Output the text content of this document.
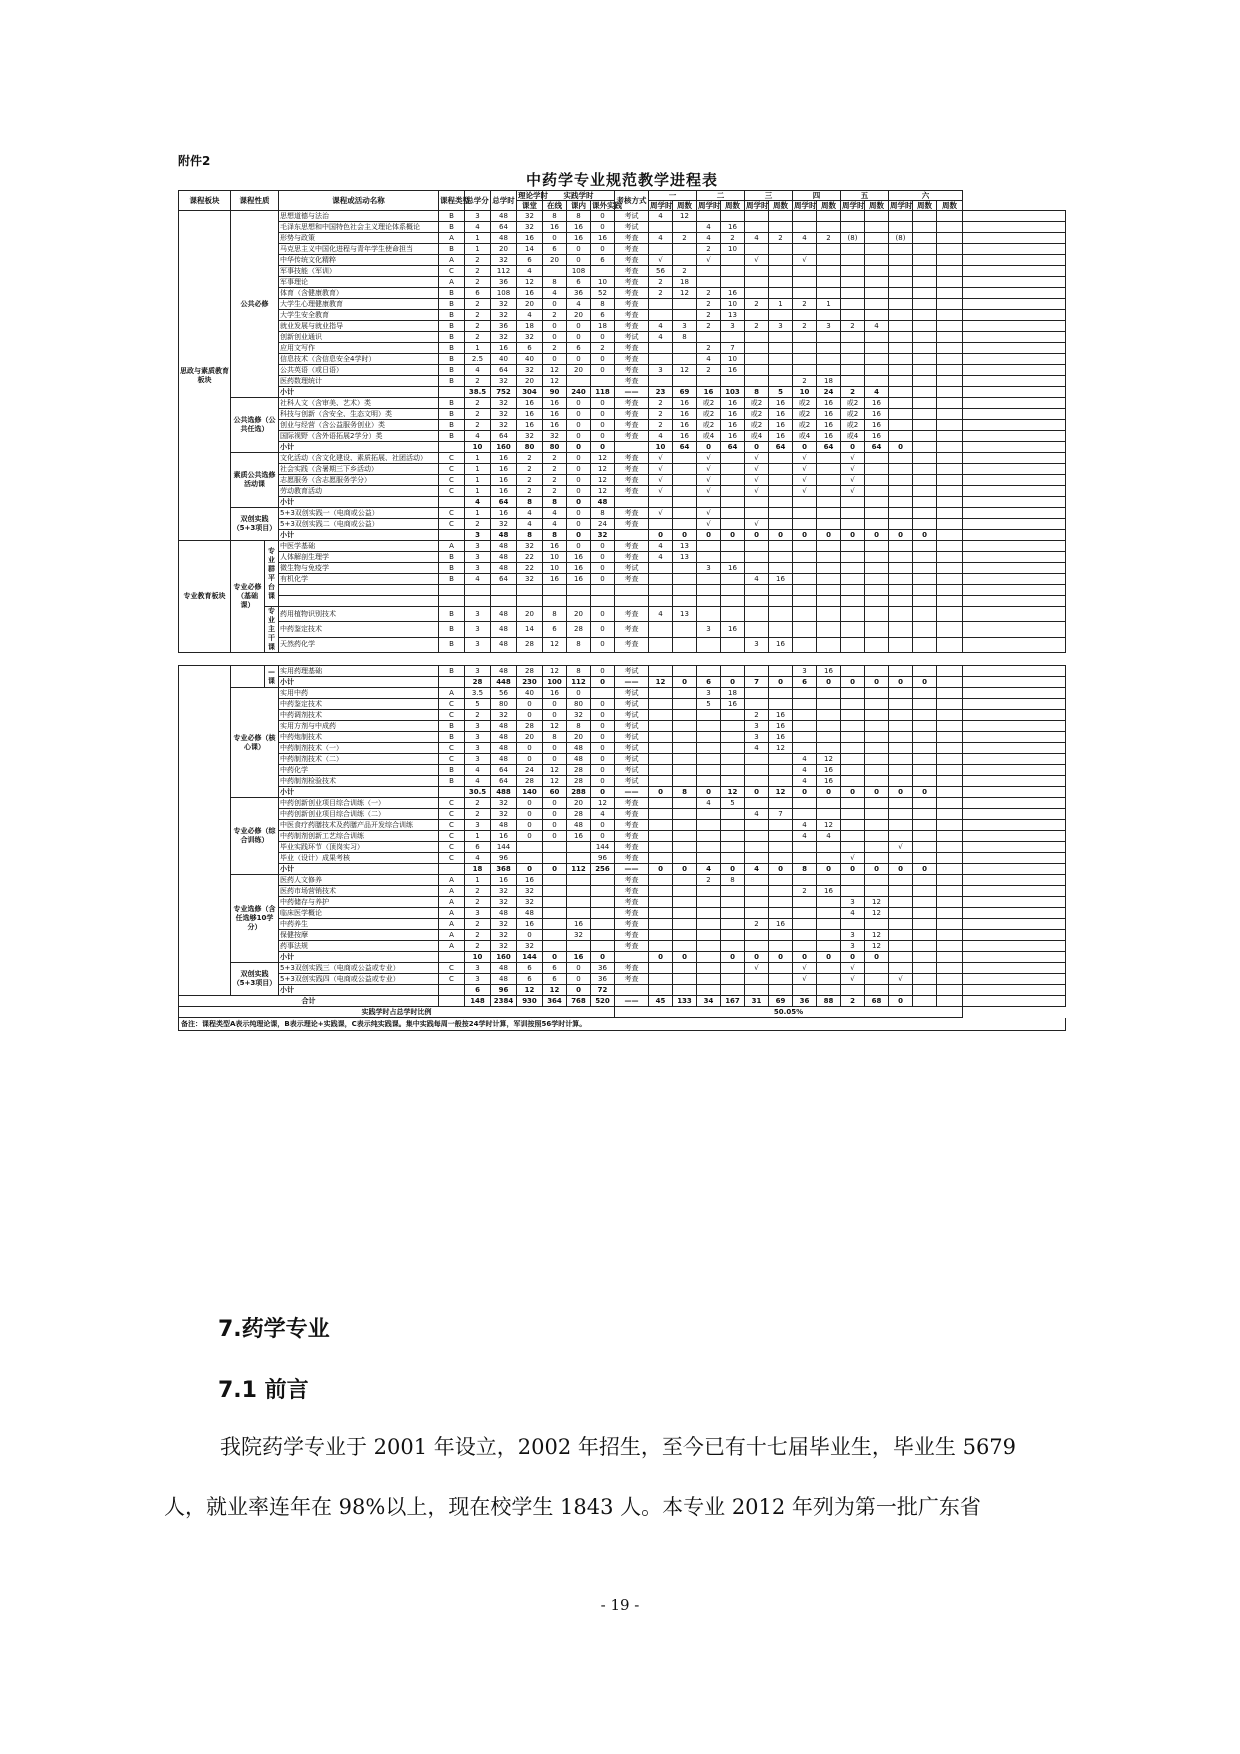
附件2
中药学专业规范教学进程表
课程板块	课程性质		课程或活动名称	课程类型	总学分	总学时	理论学时	实践学时			考核方式	一		二		三		四		五		六			
							课堂	在线	课内	课外实践		周学时	周数	周学时	周数	周学时	周数	周学时	周数	周学时	周数	周学时	周数	周数	
思政与素质教育板块	公共必修		思想道德与法治	B	3	48	32	8	8	0	考试	4	12												
			毛泽东思想和中国特色社会主义理论体系概论	B	4	64	32	16	16	0	考试			4	16										
			形势与政策	A	1	48	16	0	16	16	考查	4	2	4	2	4	2	4	2	(8)		(8)			
			马克思主义中国化进程与青年学生使命担当	B	1	20	14	6	0	0	考查			2	10										
			中华传统文化精粹	A	2	32	6	20	0	6	考查	√		√		√		√							
			军事技能（军训）	C	2	112	4		108		考查	56	2												
			军事理论	A	2	36	12	8	6	10	考查	2	18												
			体育（含健康教育）	B	6	108	16	4	36	52	考查	2	12	2	16										
			大学生心理健康教育	B	2	32	20	0	4	8	考查			2	10	2	1	2	1						
			大学生安全教育	B	2	32	4	2	20	6	考查			2	13										
			就业发展与就业指导	B	2	36	18	0	0	18	考查	4	3	2	3	2	3	2	3	2	4				
			创新创业通识	B	2	32	32	0	0	0	考试	4	8												
			应用文写作	B	1	16	6	2	6	2	考查			2	7										
			信息技术（含信息安全4学时）	B	2.5	40	40	0	0	0	考查			4	10										
			公共英语（或日语）	B	4	64	32	12	20	0	考查	3	12	2	16										
			医药数理统计	B	2	32	20	12			考查							2	18						
			小计		38.5	752	304	90	240	118	——	23	69	16	103	8	5	10	24	2	4				
	公共选修（公共任选）		社科人文（含审美、艺术）类	B	2	32	16	16	0	0	考查	2	16	或2	16	或2	16	或2	16	或2	16				
			科技与创新（含安全、生态文明）类	B	2	32	16	16	0	0	考查	2	16	或2	16	或2	16	或2	16	或2	16				
			创业与经营（含公益服务创业）类	B	2	32	16	16	0	0	考查	2	16	或2	16	或2	16	或2	16	或2	16				
			国际视野（含外语拓展2学分）类	B	4	64	32	32	0	0	考查	4	16	或4	16	或4	16	或4	16	或4	16				
			小计		10	160	80	80	0	0		10	64	0	64	0	64	0	64	0	64	0			
	素质公共选修活动课		文化活动（含文化建设、素质拓展、社团活动）	C	1	16	2	2	0	12	考查	√		√		√		√		√					
			社会实践（含暑期三下乡活动）	C	1	16	2	2	0	12	考查	√		√		√		√		√					
			志愿服务（含志愿服务学分）	C	1	16	2	2	0	12	考查	√		√		√		√		√					
			劳动教育活动	C	1	16	2	2	0	12	考查	√		√		√		√		√					
			小计		4	64	8	8	0	48															
	双创实践（5+3项目）		5+3双创实践一（电商或公益）	C	1	16	4	4	0	8	考查	√		√											
			5+3双创实践二（电商或公益）	C	2	32	4	4	0	24	考查			√		√									
			小计		3	48	8	8	0	32		0	0	0	0	0	0	0	0	0	0	0	0		
专业教育板块	专业必修（基础课）	专业群平台课	中医学基础	A	3	48	32	16	0	0	考查	4	13												
			人体解剖生理学	B	3	48	22	10	16	0	考查	4	13												
			微生物与免疫学	B	3	48	22	10	16	0	考试			3	16										
			有机化学	B	4	64	32	16	16	0	考查					4	16								

		专业主干课	药用植物识别技术	B	3	48	20	8	20	0	考查	4	13												
			中药鉴定技术	B	3	48	14	6	28	0	考查			3	16										
			天然药化学	B	3	48	28	12	8	0	考查					3	16								
		—课	实用药理基础	B	3	48	28	12	8	0	考试							3	16						
			小计		28	448	230	100	112	0	——	12	0	6	0	7	0	6	0	0	0	0	0		
	专业必修（核心课）		实用中药	A	3.5	56	40	16	0		考试			3	18										
			中药鉴定技术	C	5	80	0	0	80	0	考试			5	16										
			中药调剂技术	C	2	32	0	0	32	0	考试					2	16								
			实用方剂与中成药	B	3	48	28	12	8	0	考试					3	16								
			中药炮制技术	B	3	48	20	8	20	0	考试					3	16								
			中药制剂技术（一）	C	3	48	0	0	48	0	考试					4	12								
			中药制剂技术（二）	C	3	48	0	0	48	0	考试							4	12						
			中药化学	B	4	64	24	12	28	0	考试							4	16						
			中药制剂检验技术	B	4	64	28	12	28	0	考试							4	16						
			小计		30.5	488	140	60	288	0	——	0	8	0	12	0	12	0	0	0	0	0	0		
	专业必修（综合训练）		中药创新创业项目综合训练（一）	C	2	32	0	0	20	12	考查			4	5										
			中药创新创业项目综合训练（二）	C	2	32	0	0	28	4	考查					4	7								
			中医食疗药膳技术及药膳产品开发综合训练	C	3	48	0	0	48	0	考查							4	12						
			中药制剂创新工艺综合训练	C	1	16	0	0	16	0	考查							4	4						
			毕业实践环节（顶岗实习）	C	6	144				144	考查											√			
			毕业（设计）成果考核	C	4	96				96	考查									√					
			小计		18	368	0	0	112	256	——	0	0	4	0	4	0	8	0	0	0	0	0		
	专业选修（含任选够10学分）		医药人文修养	A	1	16	16				考查			2	8										
			医药市场营销技术	A	2	32	32				考查							2	16						
			中药储存与养护	A	2	32	32				考查									3	12				
			临床医学概论	A	3	48	48				考查									4	12				
			中药养生	A	2	32	16		16		考查					2	16								
			保健按摩	A	2	32	0		32		考查									3	12				
			药事法规	A	2	32	32				考查									3	12				
			小计		10	160	144	0	16	0		0	0		0	0	0	0	0	0	0				
	双创实践（5+3项目）		5+3双创实践三（电商或公益或专业）	C	3	48	6	6	0	36	考查					√		√		√					
			5+3双创实践四（电商或公益或专业）	C	3	48	6	6	0	36	考查							√		√		√			
			小计		6	96	12	12	0	72															
合计					148	2384	930	364	768	520	——	45	133	34	167	31	69	36	88	2	68	0			
实践学时占总学时比例											50.05%														
备注：课程类型A表示纯理论课，B表示理论+实践课，C表示纯实践课。集中实践每周一般按24学时计算，军训按照56学时计算。
7.药学专业
7.1 前言

我院药学专业于 2001 年设立，2002 年招生，至今已有十七届毕业生，毕业生 5679

人，就业率连年在 98%以上，现在校学生 1843 人。本专业 2012 年列为第一批广东省

- 19 -
